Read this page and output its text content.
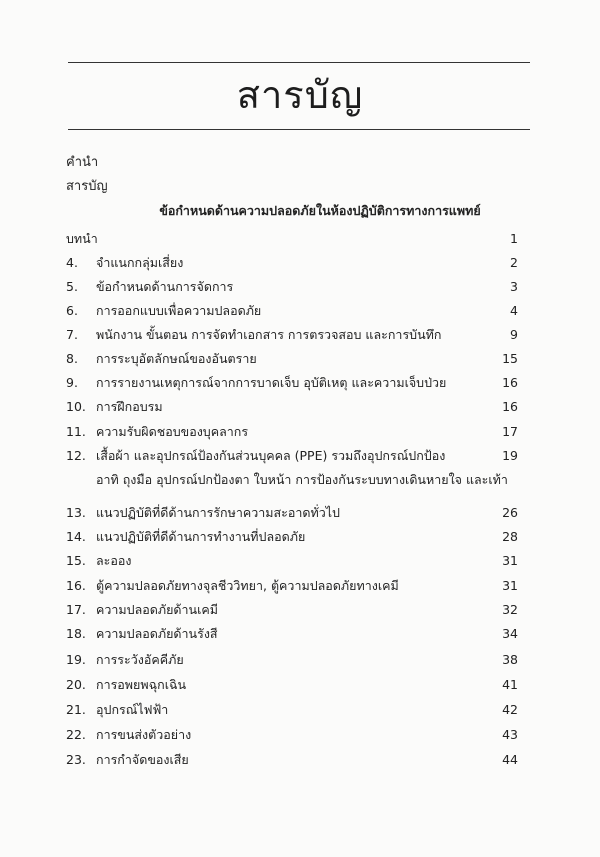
สารบัญ
คำนำ
สารบัญ
ข้อกำหนดด้านความปลอดภัยในห้องปฏิบัติการทางการแพทย์
บทนำ	1
4. จำแนกกลุ่มเสี่ยง	2
5. ข้อกำหนดด้านการจัดการ	3
6. การออกแบบเพื่อความปลอดภัย	4
7. พนักงาน ขั้นตอน การจัดทำเอกสาร การตรวจสอบ และการบันทึก	9
8. การระบุอัตลักษณ์ของอันตราย	15
9. การรายงานเหตุการณ์จากการบาดเจ็บ อุบัติเหตุ และความเจ็บป่วย	16
10. การฝึกอบรม	16
11. ความรับผิดชอบของบุคลากร	17
12. เสื้อผ้า และอุปกรณ์ป้องกันส่วนบุคคล (PPE) รวมถึงอุปกรณ์ปกป้อง	19
อาทิ ถุงมือ อุปกรณ์ปกป้องตา ใบหน้า การป้องกันระบบทางเดินหายใจ และเท้า
13. แนวปฏิบัติที่ดีด้านการรักษาความสะอาดทั่วไป	26
14. แนวปฏิบัติที่ดีด้านการทำงานที่ปลอดภัย	28
15. ละออง	31
16. ตู้ความปลอดภัยทางจุลชีววิทยา, ตู้ความปลอดภัยทางเคมี	31
17. ความปลอดภัยด้านเคมี	32
18. ความปลอดภัยด้านรังสี	34
19. การระวังอัคคีภัย	38
20. การอพยพฉุกเฉิน	41
21. อุปกรณ์ไฟฟ้า	42
22. การขนส่งตัวอย่าง	43
23. การกำจัดของเสีย	44
